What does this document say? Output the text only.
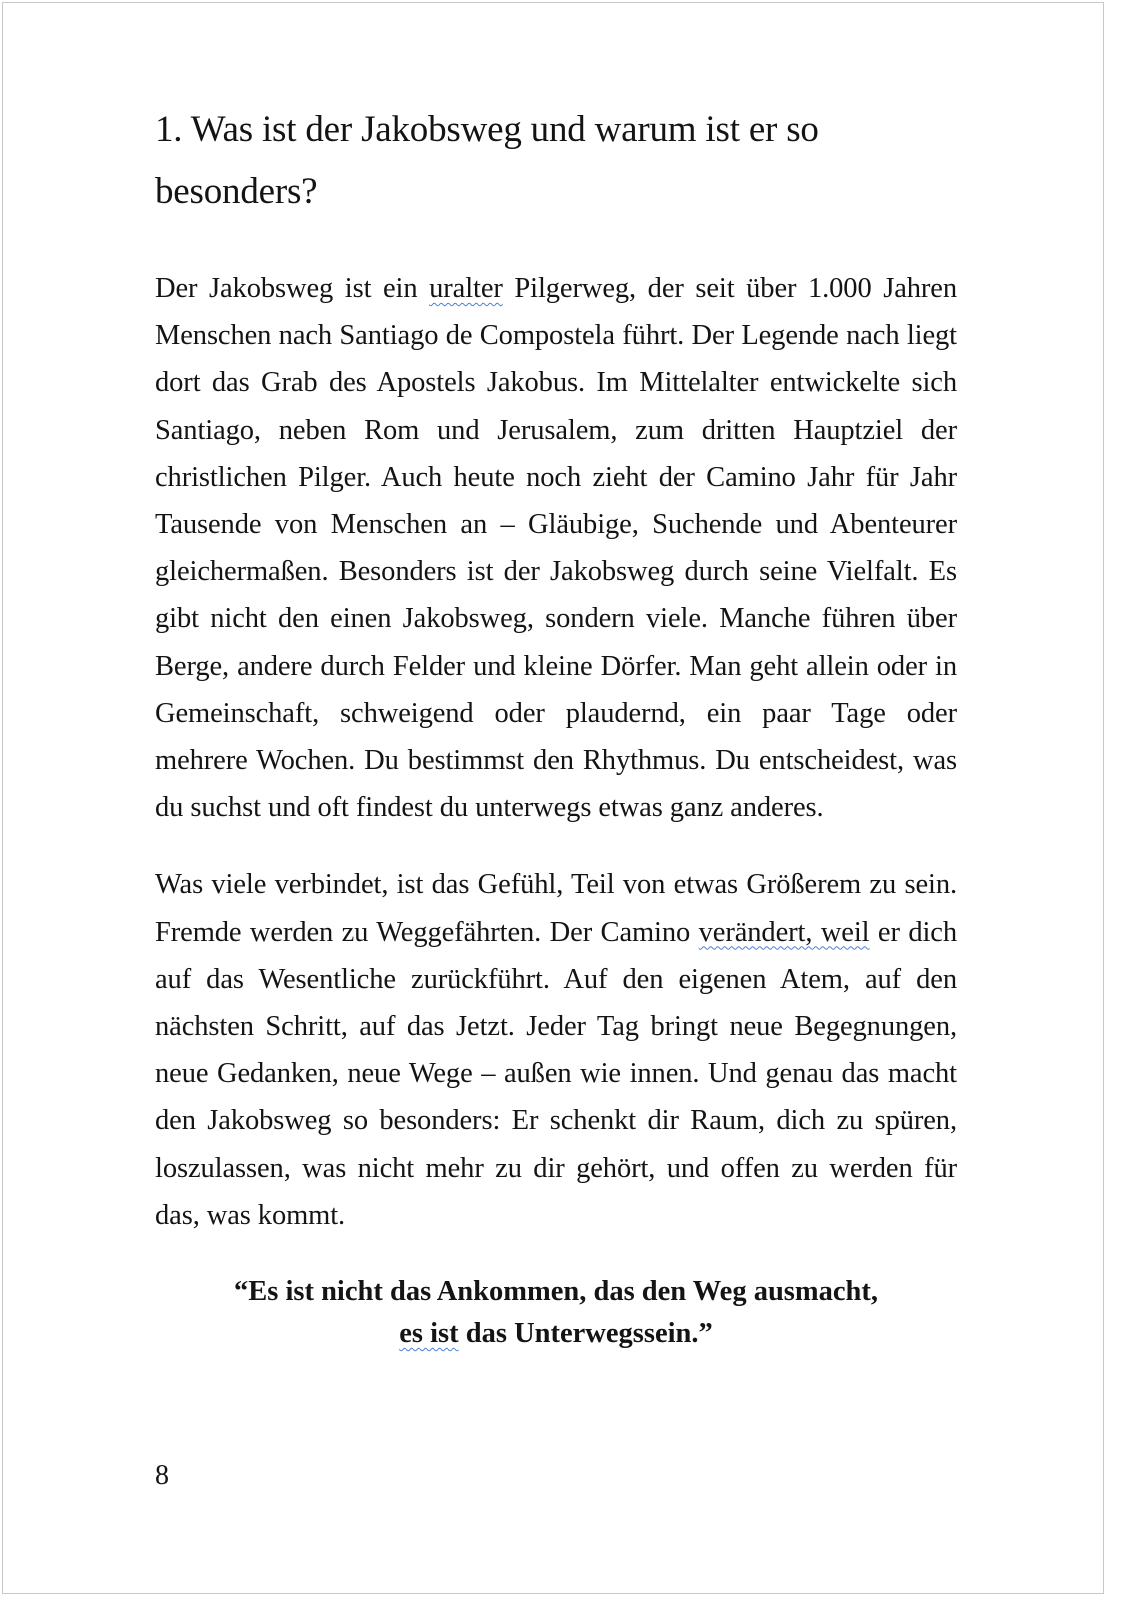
1. Was ist der Jakobsweg und warum ist er so besonders?

Der Jakobsweg ist ein uralter Pilgerweg, der seit über 1.000 Jahren Menschen nach Santiago de Compostela führt. Der Legende nach liegt dort das Grab des Apostels Jakobus. Im Mittelalter entwickelte sich Santiago, neben Rom und Jerusalem, zum dritten Hauptziel der christlichen Pilger. Auch heute noch zieht der Camino Jahr für Jahr Tausende von Menschen an – Gläubige, Suchende und Abenteurer gleichermaßen. Besonders ist der Jakobsweg durch seine Vielfalt. Es gibt nicht den einen Jakobsweg, sondern viele. Manche führen über Berge, andere durch Felder und kleine Dörfer. Man geht allein oder in Gemeinschaft, schweigend oder plaudernd, ein paar Tage oder mehrere Wochen. Du bestimmst den Rhythmus. Du entscheidest, was du suchst und oft findest du unterwegs etwas ganz anderes.

Was viele verbindet, ist das Gefühl, Teil von etwas Größerem zu sein. Fremde werden zu Weggefährten. Der Camino verändert, weil er dich auf das Wesentliche zurückführt. Auf den eigenen Atem, auf den nächsten Schritt, auf das Jetzt. Jeder Tag bringt neue Begegnungen, neue Gedanken, neue Wege – außen wie innen. Und genau das macht den Jakobsweg so besonders: Er schenkt dir Raum, dich zu spüren, loszulassen, was nicht mehr zu dir gehört, und offen zu werden für das, was kommt.

“Es ist nicht das Ankommen, das den Weg ausmacht,
es ist das Unterwegssein.”

8
